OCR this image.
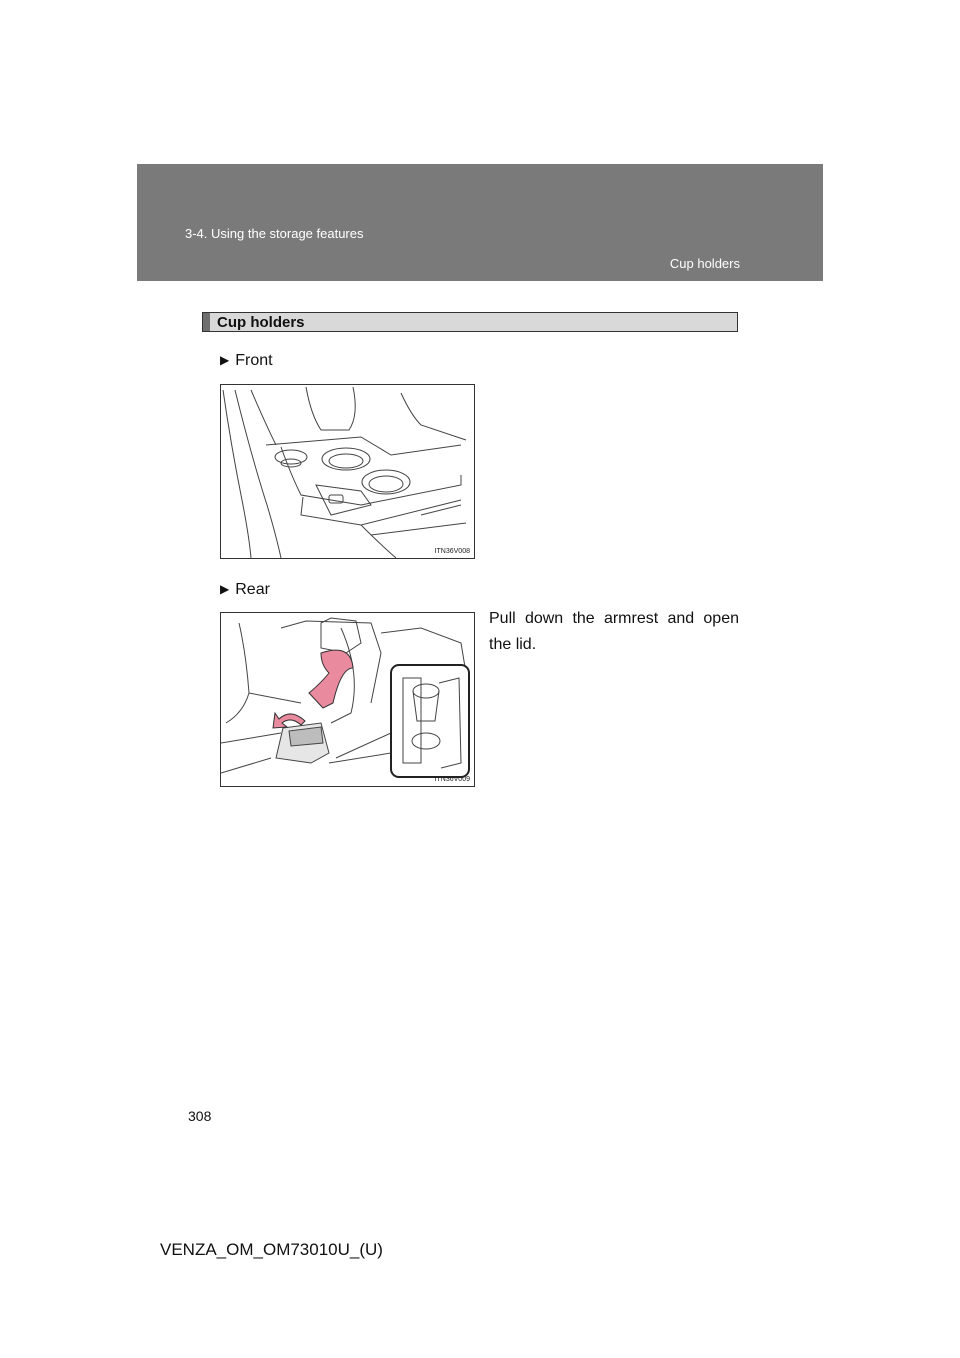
3-4. Using the storage features
Cup holders
Cup holders
▶ Front
ITN36V008
▶ Rear
ITN36V009
Pull down the armrest and open the lid.
308
VENZA_OM_OM73010U_(U)
